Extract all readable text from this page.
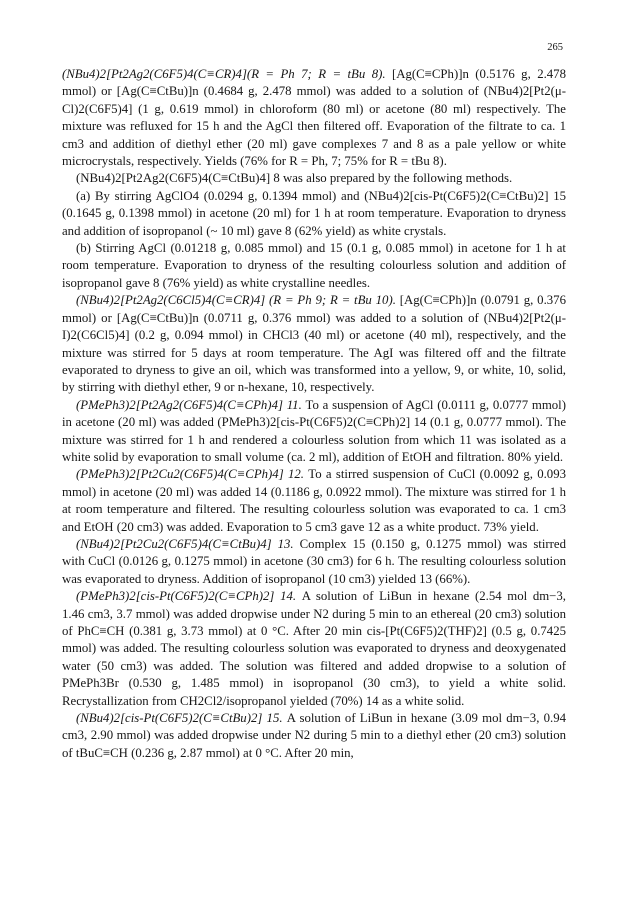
265

(NBu4)2[Pt2Ag2(C6F5)4(C≡CR)4](R = Ph 7; R = tBu 8). [Ag(C≡CPh)]n (0.5176 g, 2.478 mmol) or [Ag(C≡CtBu)]n (0.4684 g, 2.478 mmol) was added to a solution of (NBu4)2[Pt2(μ-Cl)2(C6F5)4] (1 g, 0.619 mmol) in chloroform (80 ml) or acetone (80 ml) respectively. The mixture was refluxed for 15 h and the AgCl then filtered off. Evaporation of the filtrate to ca. 1 cm3 and addition of diethyl ether (20 ml) gave complexes 7 and 8 as a pale yellow or white microcrystals, respectively. Yields (76% for R = Ph, 7; 75% for R = tBu 8).

(NBu4)2[Pt2Ag2(C6F5)4(C≡CtBu)4] 8 was also prepared by the following methods.

(a) By stirring AgClO4 (0.0294 g, 0.1394 mmol) and (NBu4)2[cis-Pt(C6F5)2(C≡CtBu)2] 15 (0.1645 g, 0.1398 mmol) in acetone (20 ml) for 1 h at room temperature. Evaporation to dryness and addition of isopropanol (~ 10 ml) gave 8 (62% yield) as white crystals.

(b) Stirring AgCl (0.01218 g, 0.085 mmol) and 15 (0.1 g, 0.085 mmol) in acetone for 1 h at room temperature. Evaporation to dryness of the resulting colourless solution and addition of isopropanol gave 8 (76% yield) as white crystalline needles.

(NBu4)2[Pt2Ag2(C6Cl5)4(C≡CR)4] (R = Ph 9; R = tBu 10). [Ag(C≡CPh)]n (0.0791 g, 0.376 mmol) or [Ag(C≡CtBu)]n (0.0711 g, 0.376 mmol) was added to a solution of (NBu4)2[Pt2(μ-I)2(C6Cl5)4] (0.2 g, 0.094 mmol) in CHCl3 (40 ml) or acetone (40 ml), respectively, and the mixture was stirred for 5 days at room temperature. The AgI was filtered off and the filtrate evaporated to dryness to give an oil, which was transformed into a yellow, 9, or white, 10, solid, by stirring with diethyl ether, 9 or n-hexane, 10, respectively.

(PMePh3)2[Pt2Ag2(C6F5)4(C≡CPh)4] 11. To a suspension of AgCl (0.0111 g, 0.0777 mmol) in acetone (20 ml) was added (PMePh3)2[cis-Pt(C6F5)2(C≡CPh)2] 14 (0.1 g, 0.0777 mmol). The mixture was stirred for 1 h and rendered a colourless solution from which 11 was isolated as a white solid by evaporation to small volume (ca. 2 ml), addition of EtOH and filtration. 80% yield.

(PMePh3)2[Pt2Cu2(C6F5)4(C≡CPh)4] 12. To a stirred suspension of CuCl (0.0092 g, 0.093 mmol) in acetone (20 ml) was added 14 (0.1186 g, 0.0922 mmol). The mixture was stirred for 1 h at room temperature and filtered. The resulting colourless solution was evaporated to ca. 1 cm3 and EtOH (20 cm3) was added. Evaporation to 5 cm3 gave 12 as a white product. 73% yield.

(NBu4)2[Pt2Cu2(C6F5)4(C≡CtBu)4] 13. Complex 15 (0.150 g, 0.1275 mmol) was stirred with CuCl (0.0126 g, 0.1275 mmol) in acetone (30 cm3) for 6 h. The resulting colourless solution was evaporated to dryness. Addition of isopropanol (10 cm3) yielded 13 (66%).

(PMePh3)2[cis-Pt(C6F5)2(C≡CPh)2] 14. A solution of LiBun in hexane (2.54 mol dm−3, 1.46 cm3, 3.7 mmol) was added dropwise under N2 during 5 min to an ethereal (20 cm3) solution of PhC≡CH (0.381 g, 3.73 mmol) at 0 °C. After 20 min cis-[Pt(C6F5)2(THF)2] (0.5 g, 0.7425 mmol) was added. The resulting colourless solution was evaporated to dryness and deoxygenated water (50 cm3) was added. The solution was filtered and added dropwise to a solution of PMePh3Br (0.530 g, 1.485 mmol) in isopropanol (30 cm3), to yield a white solid. Recrystallization from CH2Cl2/isopropanol yielded (70%) 14 as a white solid.

(NBu4)2[cis-Pt(C6F5)2(C≡CtBu)2] 15. A solution of LiBun in hexane (3.09 mol dm−3, 0.94 cm3, 2.90 mmol) was added dropwise under N2 during 5 min to a diethyl ether (20 cm3) solution of tBuC≡CH (0.236 g, 2.87 mmol) at 0 °C. After 20 min,
